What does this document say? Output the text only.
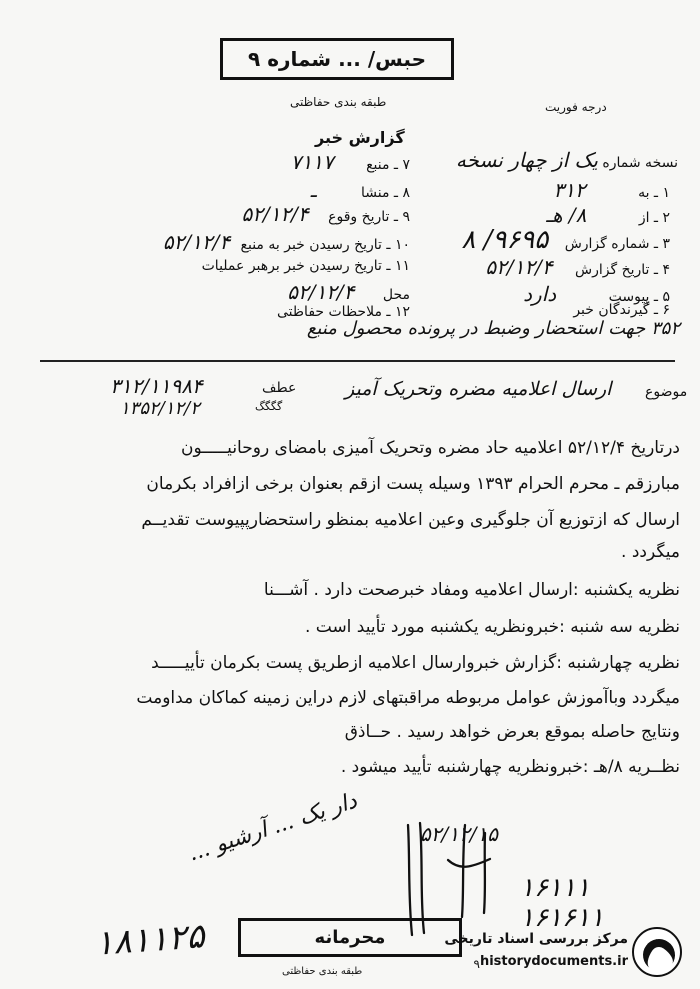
حبس/ ... شماره ۹
طبقه بندی حفاظتی	درجه فوریت
گزارش خبر
نسخه شماره یک از چهار نسخه
۱ ـ به ۳۱۲
۲ ـ از ۸/ هـ
۳ ـ شماره گزارش ۹۶۹۵/ ۸
۴ ـ تاریخ گزارش ۵۲/۱۲/۴
۵ ـ پیوست دارد
۶ ـ گیرندگان خبر
۷ ـ منبع ۷۱۱۷
۸ ـ منشا ـ
۹ ـ تاریخ وقوع ۵۲/۱۲/۴
۱۰ ـ تاریخ رسیدن خبر به منبع ۵۲/۱۲/۴
۱۱ ـ تاریخ رسیدن خبر برهبر عملیات
محل ۵۲/۱۲/۴
۱۲ ـ ملاحظات حفاظتی
۳۵۲ جهت استحضار وضبط در پرونده محصول منبع
موضوع
ارسال اعلامیه مضره وتحریک آمیز
عطف
گگگگ
۳۱۲/۱۱۹۸۴
۱۳۵۲/۱۲/۲
درتاریخ ۵۲/۱۲/۴ اعلامیه حاد مضره وتحریک آمیزی بامضای روحانیـــــون
مبارزقم ـ محرم الحرام ۱۳۹۳ وسیله پست ازقم بعنوان برخی ازافراد بکرمان
ارسال که ازتوزیع آن جلوگیری وعین اعلامیه بمنظو راستحضارپپیوست تقدیــم
میگردد .
نظریه یکشنبه :ارسال اعلامیه ومفاد خبرصحت دارد . آشـــنا
نظریه سه شنبه :خبرونظریه یکشنبه مورد تأیید است .
نظریه چهارشنبه :گزارش خبروارسال اعلامیه ازطریق پست بکرمان تأییـــــد
میگردد وباآموزش عوامل مربوطه مراقبتهای لازم دراین زمینه کماکان مداومت
ونتایج حاصله بموقع بعرض خواهد رسید . حــاذق
نظــریه ۸/هـ :خبرونظریه چهارشنبه تأیید میشود .
دار یک ... آرشیو ...	۵۲/۱۲/۱۵
۱۶۱۱۱
۱۶۱۶۱۱
۱۸۱۱۲۵	محرمانه
طبقه بندی حفاظتی
مرکز بررسی اسناد تاریخی
historydocuments.ir
۹
